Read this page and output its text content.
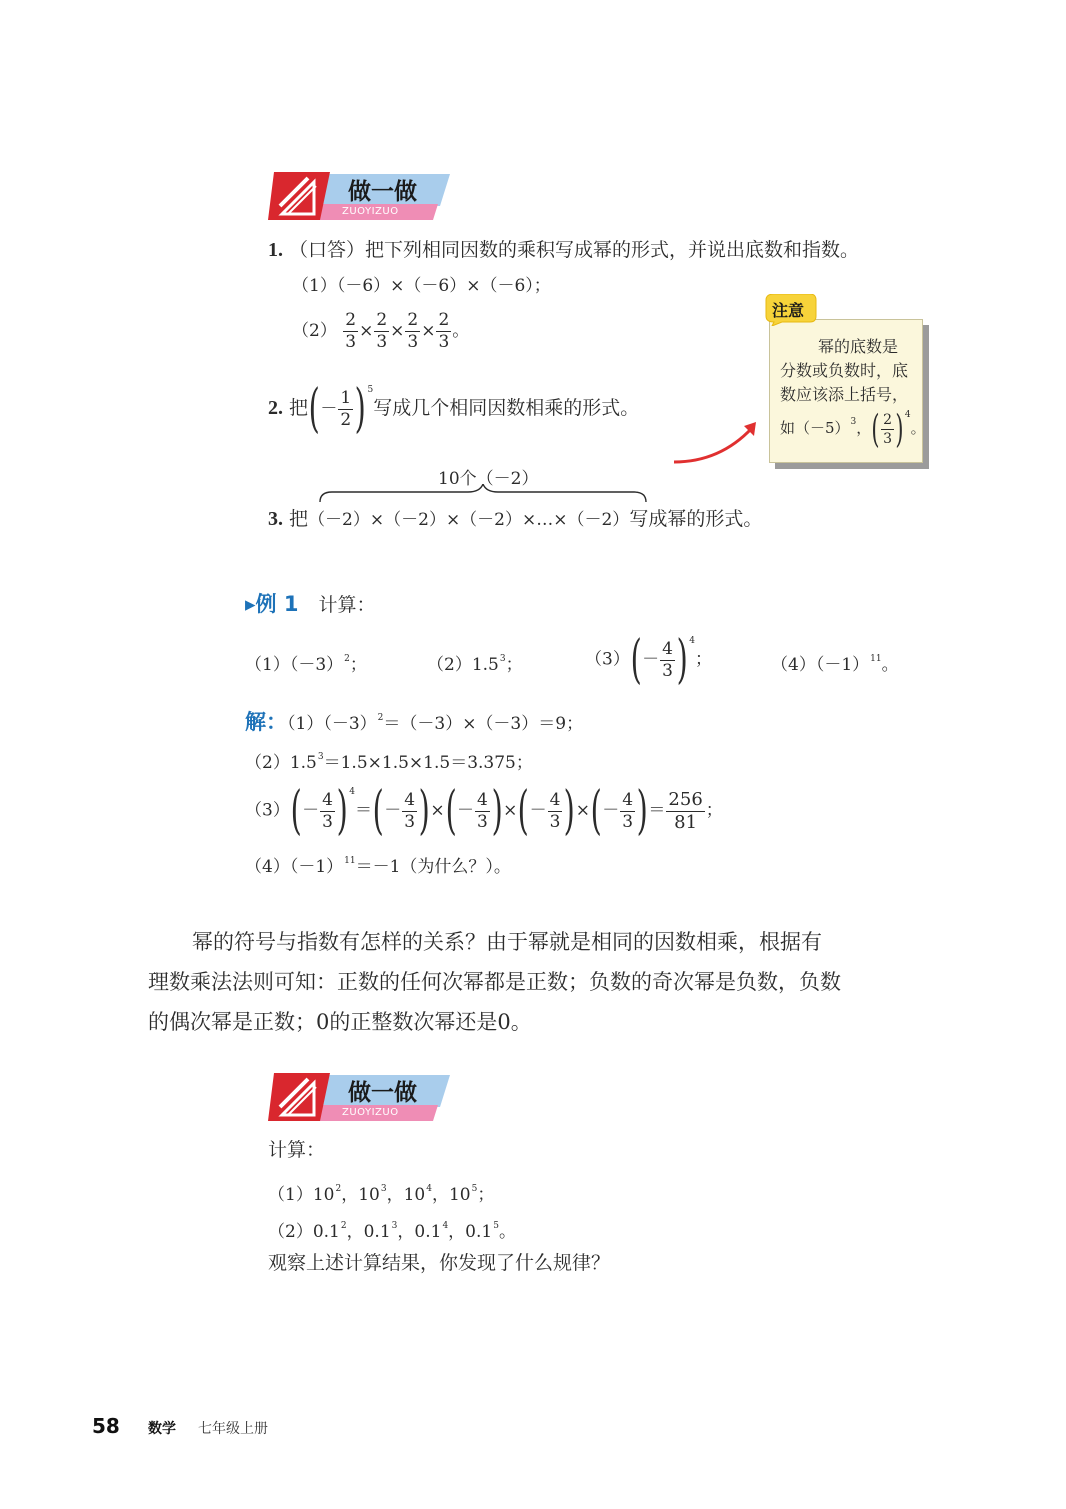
做一做
ZUOYIZUO
1. （口答）把下列相同因数的乘积写成幂的形式，并说出底数和指数。
（1）（－6）×（－6）×（－6）；
$(2) \frac{2}{3} \times \frac{2}{3} \times \frac{2}{3} \times \frac{2}{3}$ 。
2. 把(－ $\frac{1}{2}$ ) $^5$写成几个相同因数相乘的形式。
10个（－2）
3. 把（－2）×（－2）×（－2）×…×（－2）写成幂的形式。
幂的底数是
分数或负数时，底
数应该添上括号，
如$(-5)^3$，( $\frac{2}{3} )^4$。
注意
▸例 1 计算：
$(1)(-3)^2$；	$(2)1.5^3$；	$(3)(- \frac{4}{3}$ ) $^4$；	$(4)(-1)^{11}$。
解：$(1)(-3)^2=(-3)\times(-3)=9$；
$(2)1.5^3=1.5\times 1.5\times 1.5=3.375$；
$(3)(- \frac{4}{3}$ ) $^4=(- \frac{4}{3}$ )×(－ $\frac{4}{3}$ )×(－ $\frac{4}{3}$ )×(－ $\frac{4}{3}$ )＝ $\frac{256}{81}$ ；
$(4)(-1)^{11}=-1$（为什么？）。
幂的符号与指数有怎样的关系？由于幂就是相同的因数相乘，根据有
理数乘法法则可知：正数的任何次幂都是正数；负数的奇次幂是负数，负数
的偶次幂是正数；0的正整数次幂还是0。
做一做
ZUOYIZUO
计算：
$(1)10^2$，$10^3$，$10^4$，$10^5$；
$(2)0.1^2$，$0.1^3$，$0.1^4$，$0.1^5$。
观察上述计算结果，你发现了什么规律？
58 数学 七年级上册
